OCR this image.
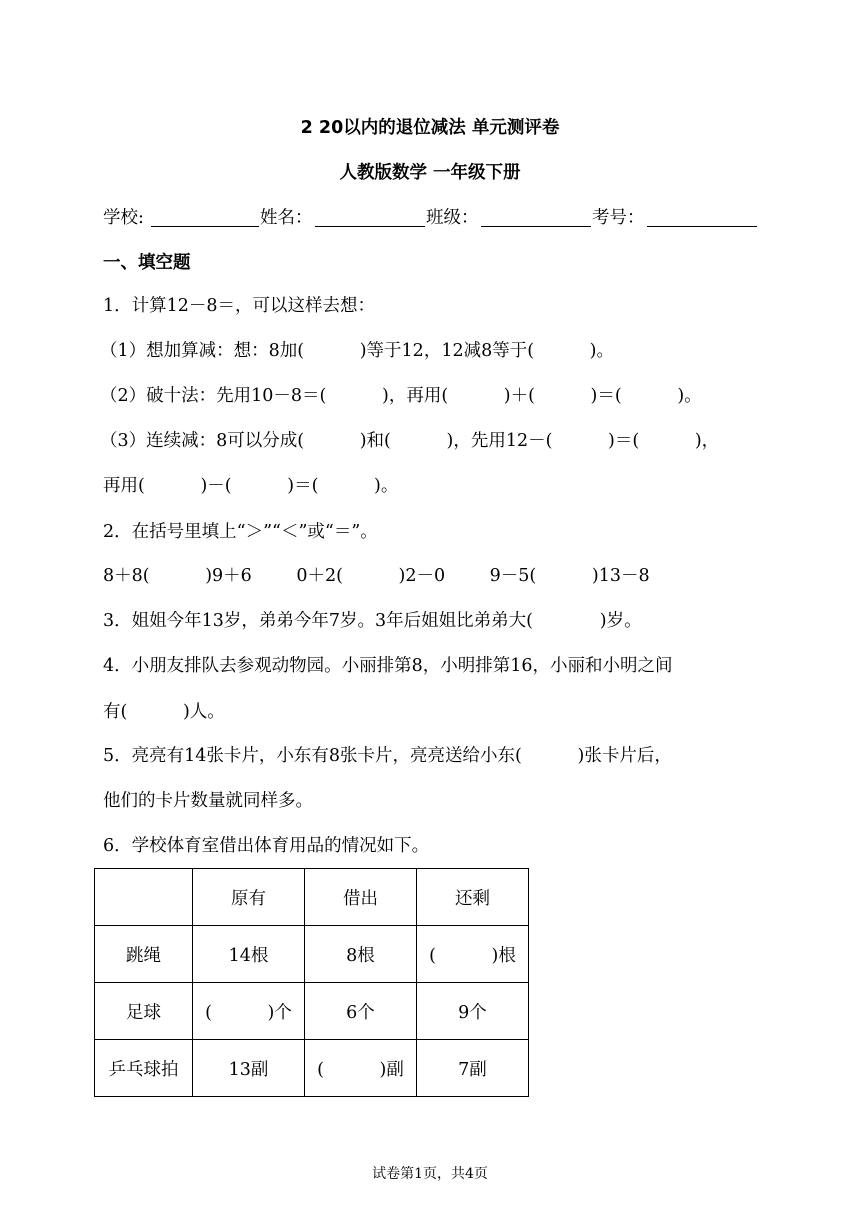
2 20以内的退位减法 单元测评卷
人教版数学 一年级下册
学校:	姓名：	班级：	考号：
一、填空题
1．计算12－8＝，可以这样去想：
（1）想加算减：想：8加(          )等于12，12减8等于(          )。
（2）破十法：先用10－8＝(          )，再用(          )＋(          )＝(          )。
（3）连续减：8可以分成(          )和(          )，先用12－(          )＝(          )，
再用(          )－(          )＝(          )。
2．在括号里填上“＞”“＜”或“＝”。
8＋8(          )9＋6        0＋2(          )2－0        9－5(          )13－8
3．姐姐今年13岁，弟弟今年7岁。3年后姐姐比弟弟大(            )岁。
4．小朋友排队去参观动物园。小丽排第8，小明排第16，小丽和小明之间
有(          )人。
5．亮亮有14张卡片，小东有8张卡片，亮亮送给小东(          )张卡片后，
他们的卡片数量就同样多。
6．学校体育室借出体育用品的情况如下。
	原有	借出	还剩
跳绳	14根	8根	(          )根
足球	(          )个	6个	9个
乒乓球拍	13副	(          )副	7副
试卷第1页，共4页
